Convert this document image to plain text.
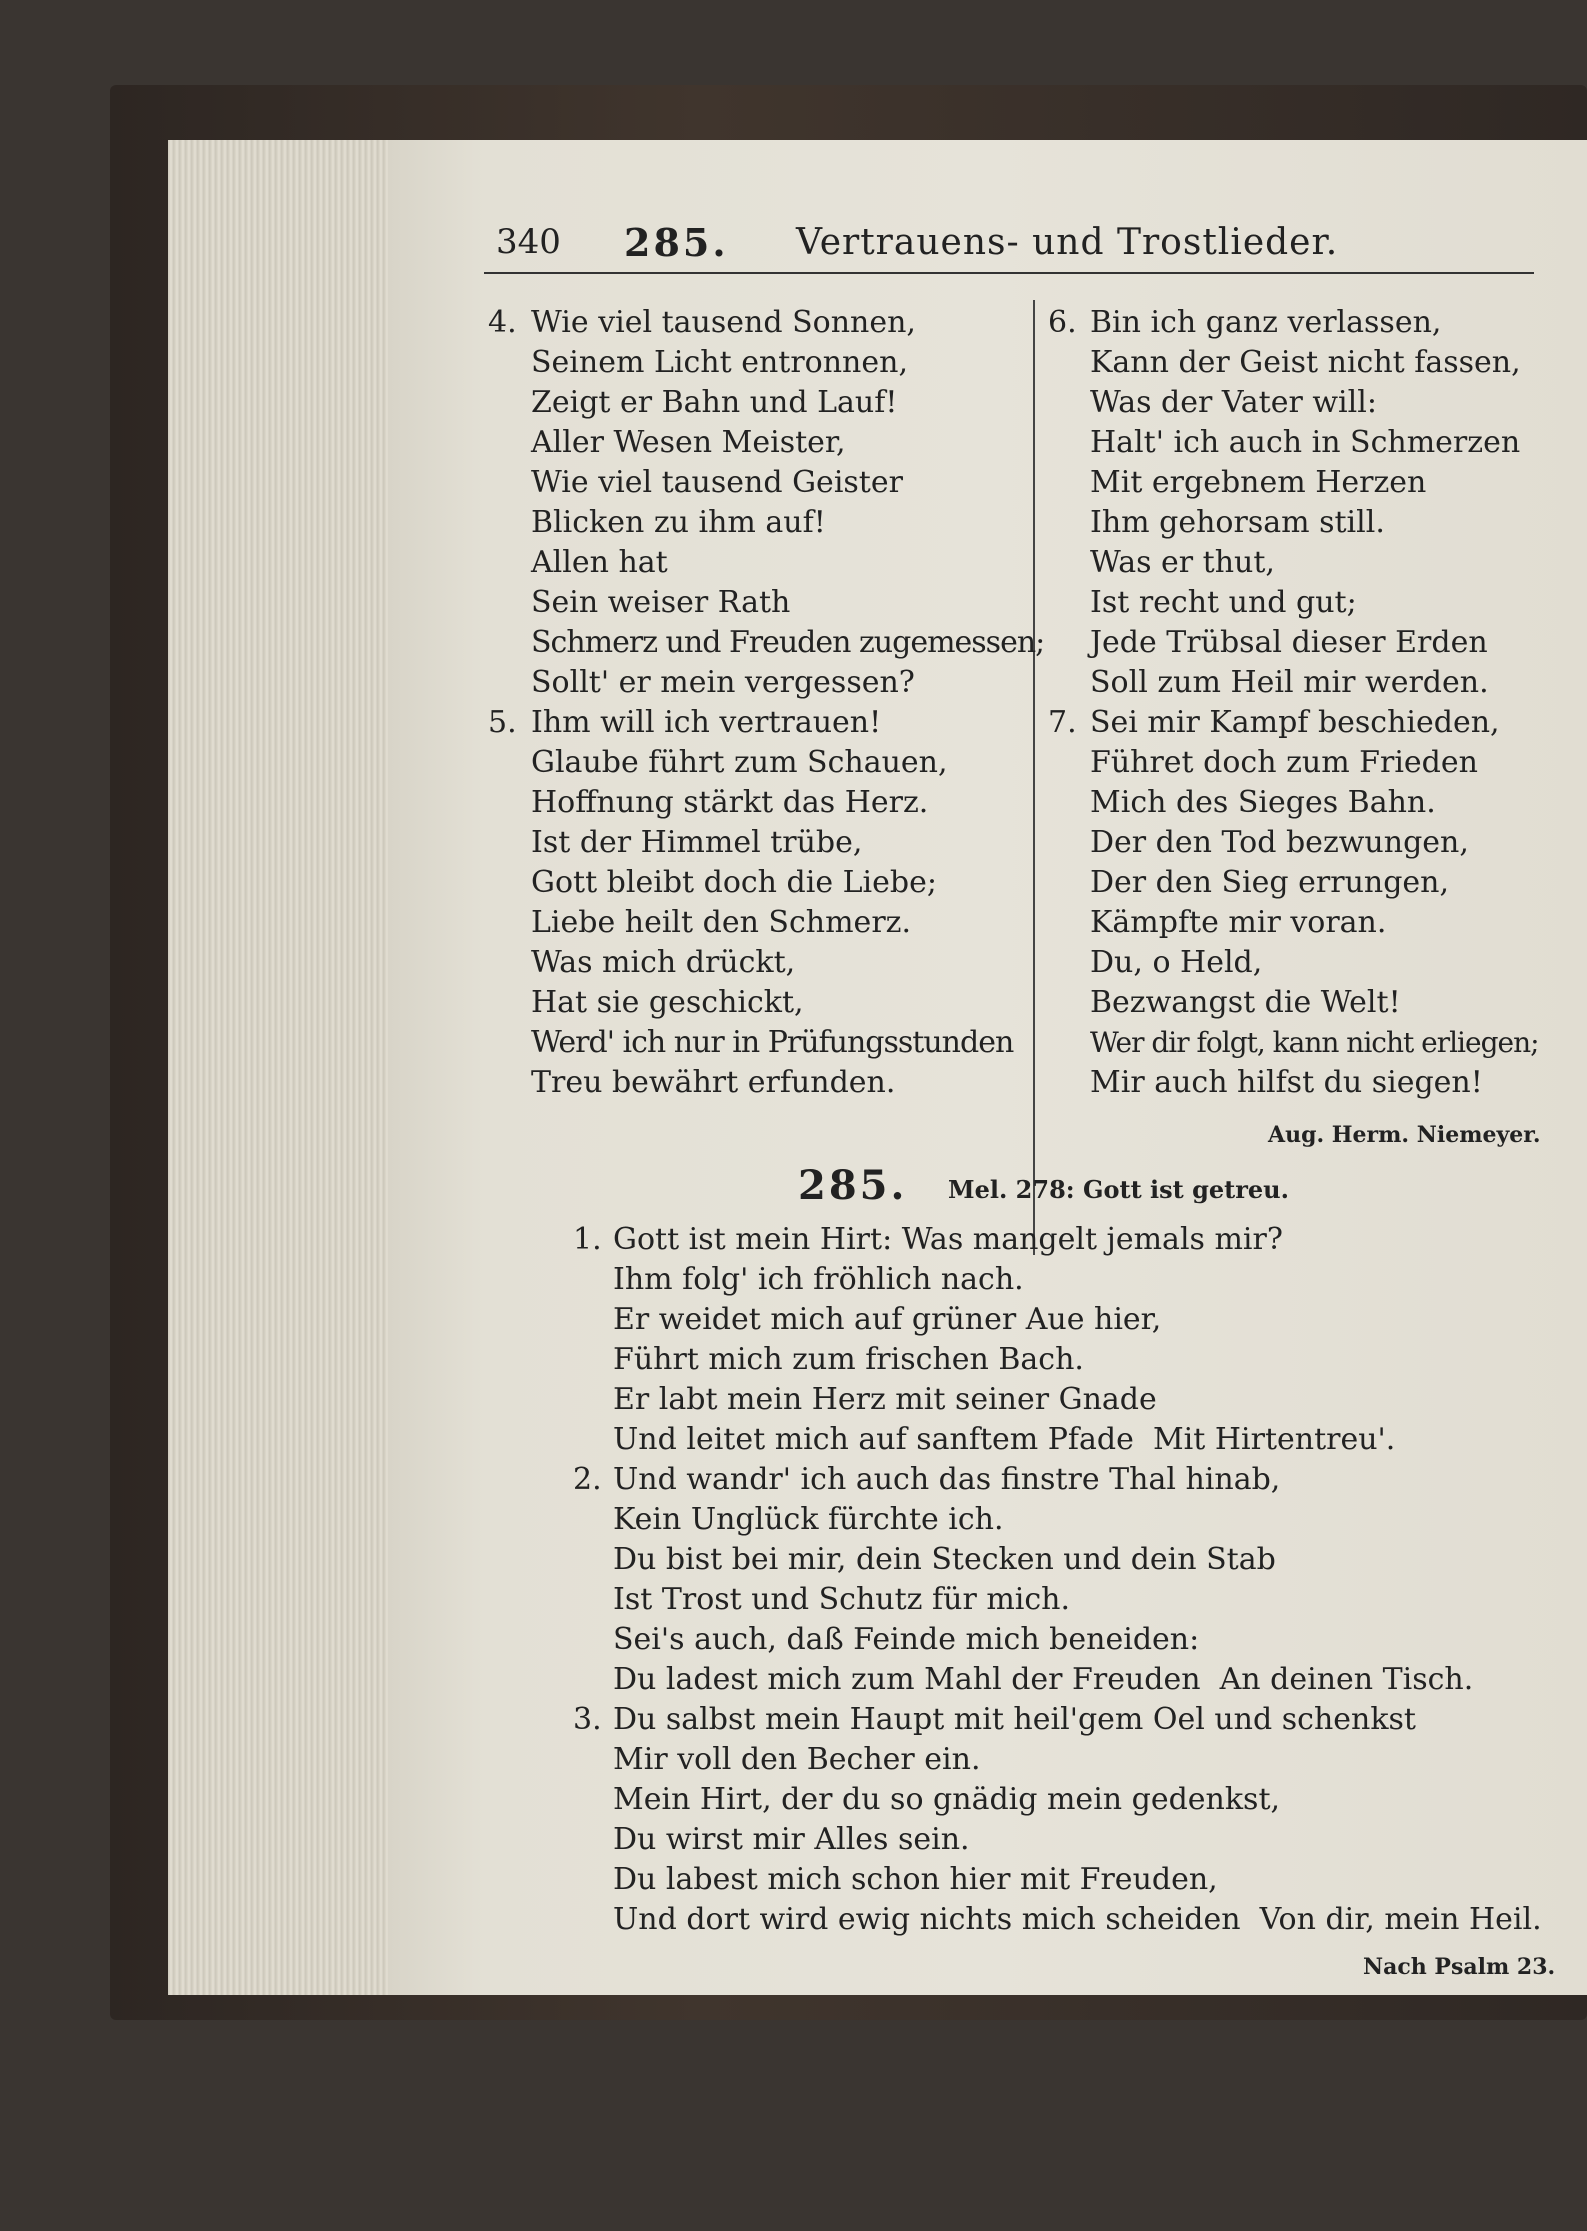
340 285. Vertrauens- und Trostlieder.
4. Wie viel tausend Sonnen,
Seinem Licht entronnen,
Zeigt er Bahn und Lauf!
Aller Wesen Meister,
Wie viel tausend Geister
Blicken zu ihm auf!
Allen hat
Sein weiser Rath
Schmerz und Freuden zugemessen;
Sollt' er mein vergessen?
5. Ihm will ich vertrauen!
Glaube führt zum Schauen,
Hoffnung stärkt das Herz.
Ist der Himmel trübe,
Gott bleibt doch die Liebe;
Liebe heilt den Schmerz.
Was mich drückt,
Hat sie geschickt,
Werd' ich nur in Prüfungsstunden
Treu bewährt erfunden.
6. Bin ich ganz verlassen,
Kann der Geist nicht fassen,
Was der Vater will:
Halt' ich auch in Schmerzen
Mit ergebnem Herzen
Ihm gehorsam still.
Was er thut,
Ist recht und gut;
Jede Trübsal dieser Erden
Soll zum Heil mir werden.
7. Sei mir Kampf beschieden,
Führet doch zum Frieden
Mich des Sieges Bahn.
Der den Tod bezwungen,
Der den Sieg errungen,
Kämpfte mir voran.
Du, o Held,
Bezwangst die Welt!
Wer dir folgt, kann nicht erliegen;
Mir auch hilfst du siegen!
Aug. Herm. Niemeyer.
285. Mel. 278: Gott ist getreu.
1. Gott ist mein Hirt: Was mangelt jemals mir?
Ihm folg' ich fröhlich nach.
Er weidet mich auf grüner Aue hier,
Führt mich zum frischen Bach.
Er labt mein Herz mit seiner Gnade
Und leitet mich auf sanftem Pfade  Mit Hirtentreu'.
2. Und wandr' ich auch das finstre Thal hinab,
Kein Unglück fürchte ich.
Du bist bei mir, dein Stecken und dein Stab
Ist Trost und Schutz für mich.
Sei's auch, daß Feinde mich beneiden:
Du ladest mich zum Mahl der Freuden  An deinen Tisch.
3. Du salbst mein Haupt mit heil'gem Oel und schenkst
Mir voll den Becher ein.
Mein Hirt, der du so gnädig mein gedenkst,
Du wirst mir Alles sein.
Du labest mich schon hier mit Freuden,
Und dort wird ewig nichts mich scheiden  Von dir, mein Heil.
Nach Psalm 23.
